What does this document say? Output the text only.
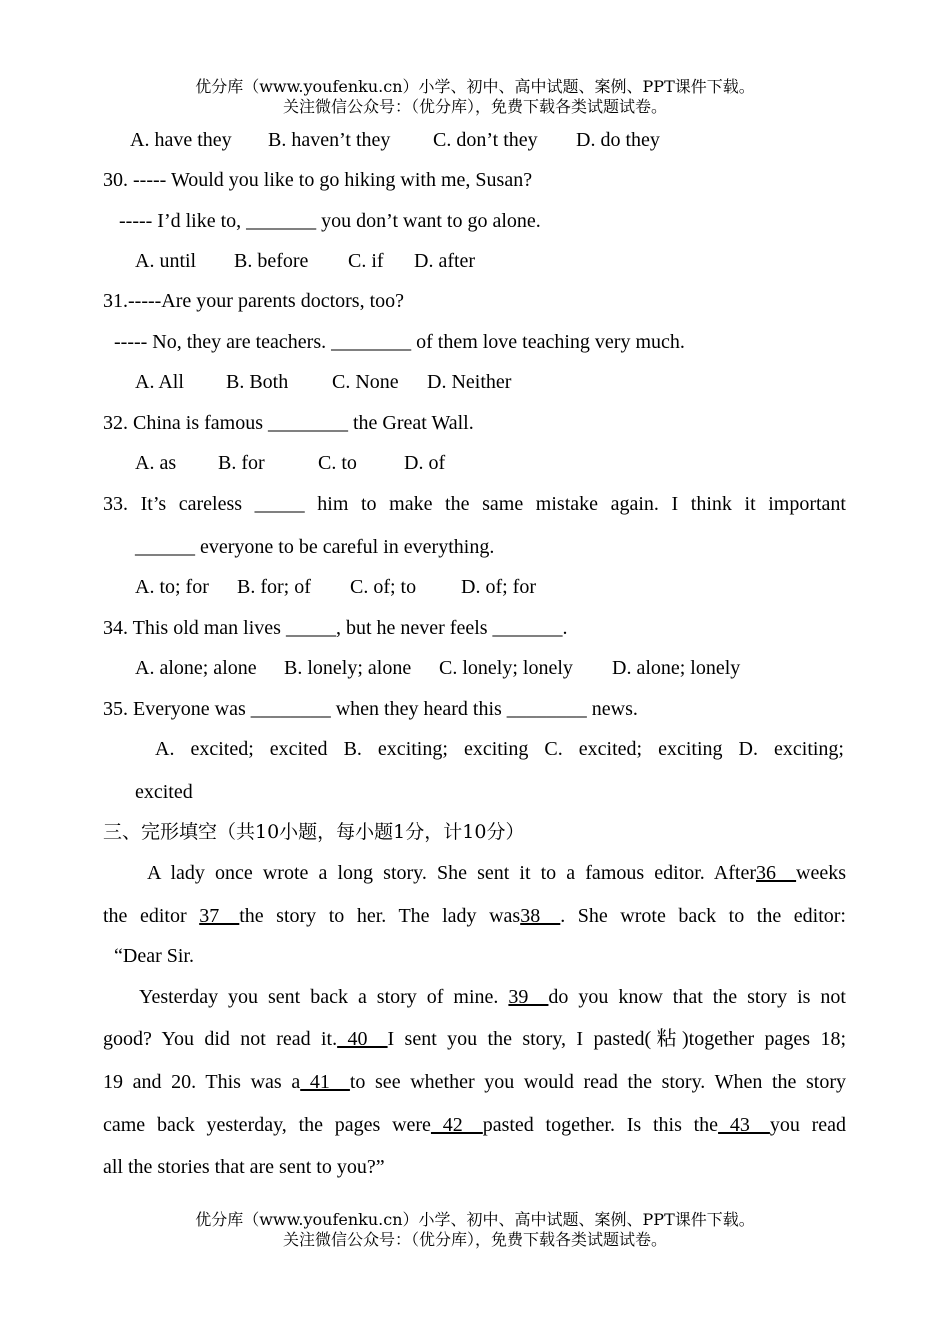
优分库（www.youfenku.cn）小学、初中、高中试题、案例、PPT课件下载。
关注微信公众号：（优分库），免费下载各类试题试卷。
A. have they B. haven’t they C. don’t they D. do they
30. ----- Would you like to go hiking with me, Susan?
----- I’d like to, _______ you don’t want to go alone.
A. until B. before C. if D. after
31.-----Are your parents doctors, too?
----- No, they are teachers. ________ of them love teaching very much.
A. All B. Both C. None D. Neither
32. China is famous ________ the Great Wall.
A. as B. for	C. to D. of
33. It’s careless _____ him to make the same mistake again. I think it important
______ everyone to be careful in everything.
A. to; for B. for; of C. of; to D. of; for
34. This old man lives _____, but he never feels _______.
A. alone; alone B. lonely; alone C. lonely; lonely D. alone; lonely
35. Everyone was ________ when they heard this ________ news.
A. excited; excited B. exciting; exciting C. excited; exciting D. exciting;
excited
三、完形填空（共10小题，每小题1分，计10分）
A lady once wrote a long story. She sent it to a famous editor. After36__weeks
the editor 37__the story to her. The lady was38__. She wrote back to the editor:
“Dear Sir.
Yesterday you sent back a story of mine. 39__do you know that the story is not
good? You did not read it. 40__I sent you the story, I pasted(粘)together pages 18;
19 and 20. This was a 41__to see whether you would read the story. When the story
came back yesterday, the pages were 42__pasted together. Is this the 43__you read
all the stories that are sent to you?”
优分库（www.youfenku.cn）小学、初中、高中试题、案例、PPT课件下载。
关注微信公众号：（优分库），免费下载各类试题试卷。
